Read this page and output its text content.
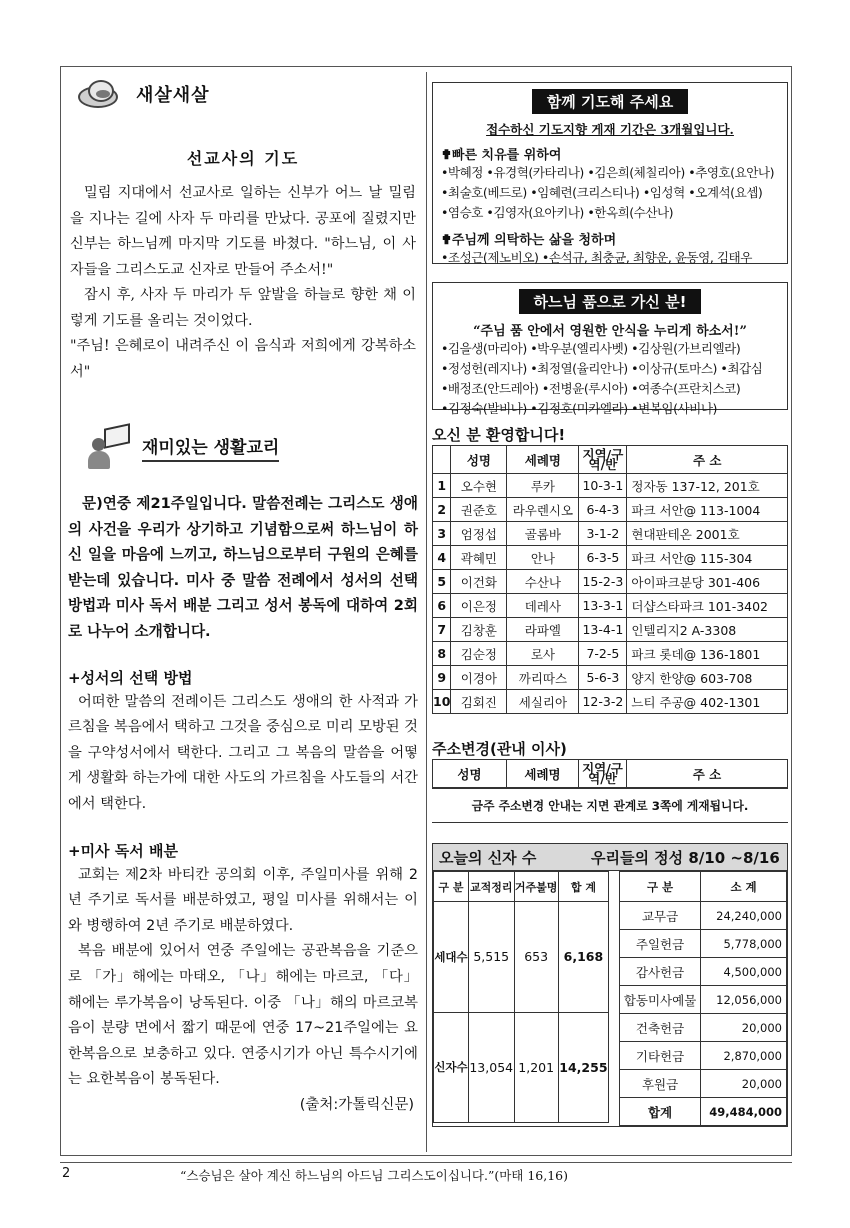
새살새살
선교사의 기도

밀림 지대에서 선교사로 일하는 신부가 어느 날 밀림을 지나는 길에 사자 두 마리를 만났다. 공포에 질렸지만 신부는 하느님께 마지막 기도를 바쳤다. "하느님, 이 사자들을 그리스도교 신자로 만들어 주소서!"

잠시 후, 사자 두 마리가 두 앞발을 하늘로 향한 채 이렇게 기도를 올리는 것이었다.

"주님! 은혜로이 내려주신 이 음식과 저희에게 강복하소서"

재미있는 생활교리
문)연중 제21주일입니다. 말씀전례는 그리스도 생애의 사건을 우리가 상기하고 기념함으로써 하느님이 하신 일을 마음에 느끼고, 하느님으로부터 구원의 은혜를 받는데 있습니다. 미사 중 말씀 전례에서 성서의 선택 방법과 미사 독서 배분 그리고 성서 봉독에 대하여 2회로 나누어 소개합니다.
+성서의 선택 방법
어떠한 말씀의 전례이든 그리스도 생애의 한 사적과 가르침을 복음에서 택하고 그것을 중심으로 미리 모방된 것을 구약성서에서 택한다. 그리고 그 복음의 말씀을 어떻게 생활화 하는가에 대한 사도의 가르침을 사도들의 서간에서 택한다.
+미사 독서 배분
교회는 제2차 바티칸 공의회 이후, 주일미사를 위해 2년 주기로 독서를 배분하였고, 평일 미사를 위해서는 이와 병행하여 2년 주기로 배분하였다.
복음 배분에 있어서 연중 주일에는 공관복음을 기준으로 「가」해에는 마태오, 「나」해에는 마르코, 「다」해에는 루가복음이 낭독된다. 이중 「나」해의 마르코복음이 분량 면에서 짧기 때문에 연중 17~21주일에는 요한복음으로 보충하고 있다. 연중시기가 아닌 특수시기에는 요한복음이 봉독된다.
(출처:가톨릭신문)
함께 기도해 주세요
접수하신 기도지향 게재 기간은 3개월입니다.
✟빠른 치유를 위하여
•박혜정 •유경혁(카타리나) •김은희(체칠리아) •추영호(요안나)
•최술호(베드로) •임혜련(크리스티나) •임성혁 •오계석(요셉)
•염승호 •김영자(요아키나) •한옥희(수산나)
✟주님께 의탁하는 삶을 청하며
•조성근(제노비오) •손석규, 최충균, 최향운, 윤동영, 김태우
하느님 품으로 가신 분!
“주님 품 안에서 영원한 안식을 누리게 하소서!”
•김을생(마리아) •박우분(엘리사벳) •김상원(가브리엘라)
•정성헌(레지나) •최정열(율리안나) •이상규(토마스) •최갑심
•배정조(안드레아) •전병윤(루시아) •여종수(프란치스코)
•김정숙(발비나) •김정호(미카엘라) •변복임(사비나)
오신 분 환영합니다!
	성명	세례명	지역/구역/반	주 소
1	오수현	루카	10-3-1	정자동 137-12, 201호
2	권준호	라우렌시오	6-4-3	파크 서안@ 113-1004
3	엄정섭	골롬바	3-1-2	현대판테온 2001호
4	곽혜민	안나	6-3-5	파크 서안@ 115-304
5	이건화	수산나	15-2-3	아이파크분당 301-406
6	이은정	데레사	13-3-1	더샵스타파크 101-3402
7	김창훈	라파엘	13-4-1	인텔리지2 A-3308
8	김순정	로사	7-2-5	파크 롯데@ 136-1801
9	이경아	까리따스	5-6-3	양지 한양@ 603-708
10	김회진	세실리아	12-3-2	느티 주공@ 402-1301
주소변경(관내 이사)
성명	세례명	지역/구역/반	주 소
금주 주소변경 안내는 지면 관계로 3쪽에 게재됩니다.
오늘의 신자 수	우리들의 정성 8/10 ~8/16
구 분	교적정리	거주불명	합 계
세대수	5,515	653	6,168
신자수	13,054	1,201	14,255
구 분	소 계
교무금	24,240,000
주일헌금	5,778,000
감사헌금	4,500,000
합동미사예물	12,056,000
건축헌금	20,000
기타헌금	2,870,000
후원금	20,000
합계	49,484,000
2	“스승님은 살아 계신 하느님의 아드님 그리스도이십니다.”(마태 16,16)
